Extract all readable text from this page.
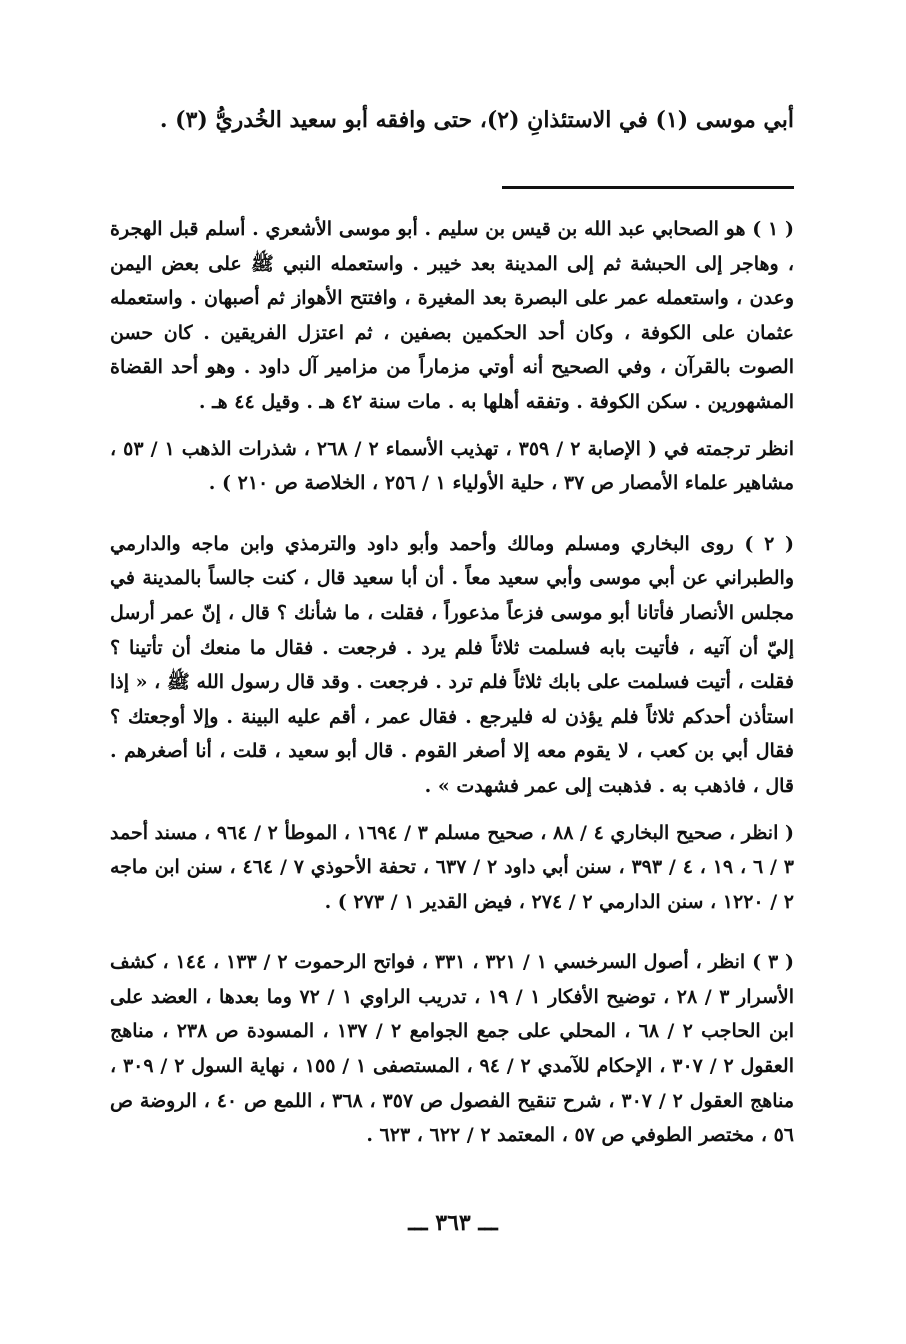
أبي موسى (١) في الاستئذانِ (٢)، حتى وافقه أبو سعيد الخُدريُّ (٣) .

( ١ ) هو الصحابي عبد الله بن قيس بن سليم . أبو موسى الأشعري . أسلم قبل الهجرة ، وهاجر إلى الحبشة ثم إلى المدينة بعد خيبر . واستعمله النبي ﷺ على بعض اليمن وعدن ، واستعمله عمر على البصرة بعد المغيرة ، وافتتح الأهواز ثم أصبهان . واستعمله عثمان على الكوفة ، وكان أحد الحكمين بصفين ، ثم اعتزل الفريقين . كان حسن الصوت بالقرآن ، وفي الصحيح أنه أوتي مزماراً من مزامير آل داود . وهو أحد القضاة المشهورين . سكن الكوفة . وتفقه أهلها به . مات سنة ٤٢ هـ . وقيل ٤٤ هـ .

انظر ترجمته في ( الإصابة ٢ / ٣٥٩ ، تهذيب الأسماء ٢ / ٢٦٨ ، شذرات الذهب ١ / ٥٣ ، مشاهير علماء الأمصار ص ٣٧ ، حلية الأولياء ١ / ٢٥٦ ، الخلاصة ص ٢١٠ ) .

( ٢ ) روى البخاري ومسلم ومالك وأحمد وأبو داود والترمذي وابن ماجه والدارمي والطبراني عن أبي موسى وأبي سعيد معاً . أن أبا سعيد قال ، كنت جالساً بالمدينة في مجلس الأنصار فأتانا أبو موسى فزعاً مذعوراً ، فقلت ، ما شأنك ؟ قال ، إنّ عمر أرسل إليّ أن آتيه ، فأتيت بابه فسلمت ثلاثاً فلم يرد . فرجعت . فقال ما منعك أن تأتينا ؟ فقلت ، أتيت فسلمت على بابك ثلاثاً فلم ترد . فرجعت . وقد قال رسول الله ﷺ ، « إذا استأذن أحدكم ثلاثاً فلم يؤذن له فليرجع . فقال عمر ، أقم عليه البينة . وإلا أوجعتك ؟ فقال أبي بن كعب ، لا يقوم معه إلا أصغر القوم . قال أبو سعيد ، قلت ، أنا أصغرهم . قال ، فاذهب به . فذهبت إلى عمر فشهدت » .

( انظر ، صحيح البخاري ٤ / ٨٨ ، صحيح مسلم ٣ / ١٦٩٤ ، الموطأ ٢ / ٩٦٤ ، مسند أحمد ٣ / ٦ ، ١٩ ، ٤ / ٣٩٣ ، سنن أبي داود ٢ / ٦٣٧ ، تحفة الأحوذي ٧ / ٤٦٤ ، سنن ابن ماجه ٢ / ١٢٢٠ ، سنن الدارمي ٢ / ٢٧٤ ، فيض القدير ١ / ٢٧٣ ) .

( ٣ ) انظر ، أصول السرخسي ١ / ٣٢١ ، ٣٣١ ، فواتح الرحموت ٢ / ١٣٣ ، ١٤٤ ، كشف الأسرار ٣ / ٢٨ ، توضيح الأفكار ١ / ١٩ ، تدريب الراوي ١ / ٧٢ وما بعدها ، العضد على ابن الحاجب ٢ / ٦٨ ، المحلي على جمع الجوامع ٢ / ١٣٧ ، المسودة ص ٢٣٨ ، مناهج العقول ٢ / ٣٠٧ ، الإحكام للآمدي ٢ / ٩٤ ، المستصفى ١ / ١٥٥ ، نهاية السول ٢ / ٣٠٩ ، مناهج العقول ٢ / ٣٠٧ ، شرح تنقيح الفصول ص ٣٥٧ ، ٣٦٨ ، اللمع ص ٤٠ ، الروضة ص ٥٦ ، مختصر الطوفي ص ٥٧ ، المعتمد ٢ / ٦٢٢ ، ٦٢٣ .

ـــ ٣٦٣ ـــ
